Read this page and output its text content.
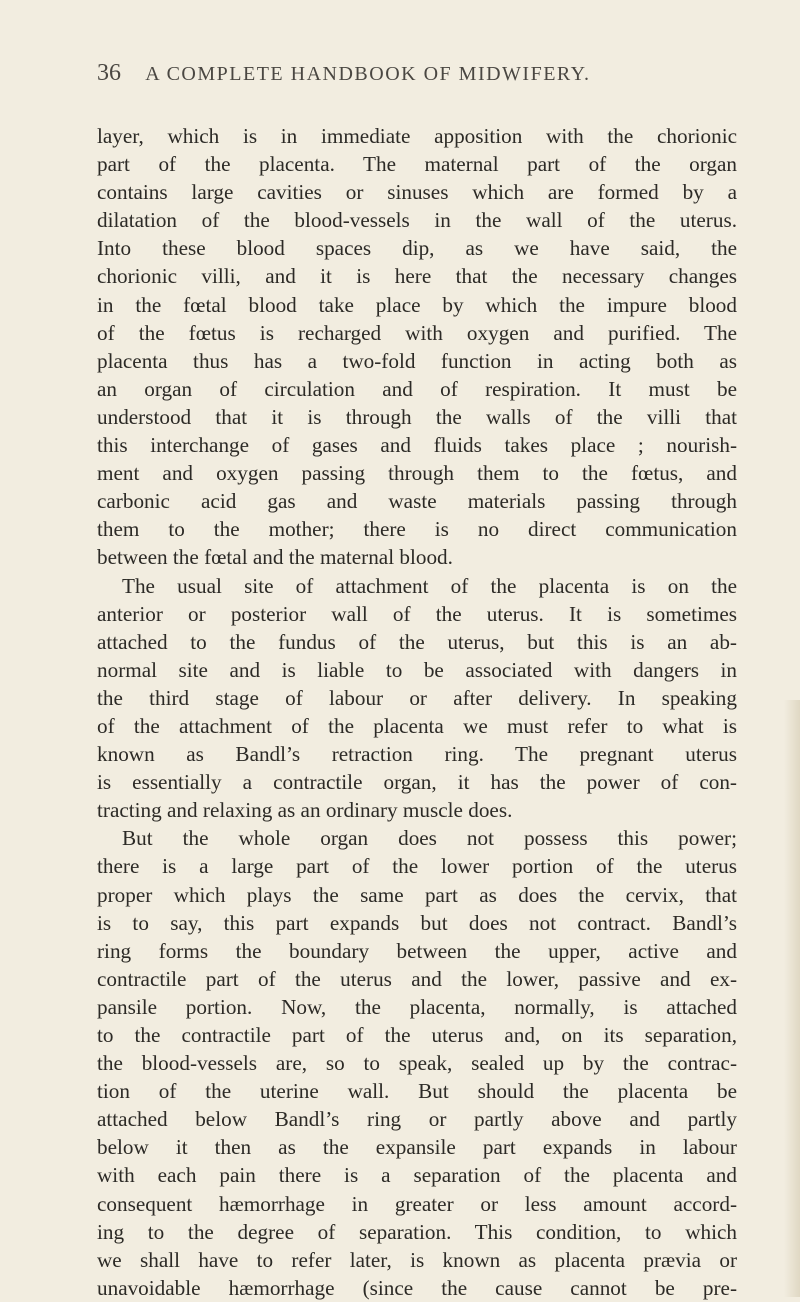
36 A COMPLETE HANDBOOK OF MIDWIFERY.
layer, which is in immediate apposition with the chorionic
part of the placenta. The maternal part of the organ
contains large cavities or sinuses which are formed by a
dilatation of the blood-vessels in the wall of the uterus.
Into these blood spaces dip, as we have said, the
chorionic villi, and it is here that the necessary changes
in the fœtal blood take place by which the impure blood
of the fœtus is recharged with oxygen and purified. The
placenta thus has a two-fold function in acting both as
an organ of circulation and of respiration. It must be
understood that it is through the walls of the villi that
this interchange of gases and fluids takes place ; nourish-
ment and oxygen passing through them to the fœtus, and
carbonic acid gas and waste materials passing through
them to the mother; there is no direct communication
between the fœtal and the maternal blood.
The usual site of attachment of the placenta is on the
anterior or posterior wall of the uterus. It is sometimes
attached to the fundus of the uterus, but this is an ab-
normal site and is liable to be associated with dangers in
the third stage of labour or after delivery. In speaking
of the attachment of the placenta we must refer to what is
known as Bandl’s retraction ring. The pregnant uterus
is essentially a contractile organ, it has the power of con-
tracting and relaxing as an ordinary muscle does.
But the whole organ does not possess this power;
there is a large part of the lower portion of the uterus
proper which plays the same part as does the cervix, that
is to say, this part expands but does not contract. Bandl’s
ring forms the boundary between the upper, active and
contractile part of the uterus and the lower, passive and ex-
pansile portion. Now, the placenta, normally, is attached
to the contractile part of the uterus and, on its separation,
the blood-vessels are, so to speak, sealed up by the contrac-
tion of the uterine wall. But should the placenta be
attached below Bandl’s ring or partly above and partly
below it then as the expansile part expands in labour
with each pain there is a separation of the placenta and
consequent hæmorrhage in greater or less amount accord-
ing to the degree of separation. This condition, to which
we shall have to refer later, is known as placenta prævia or
unavoidable hæmorrhage (since the cause cannot be pre-
